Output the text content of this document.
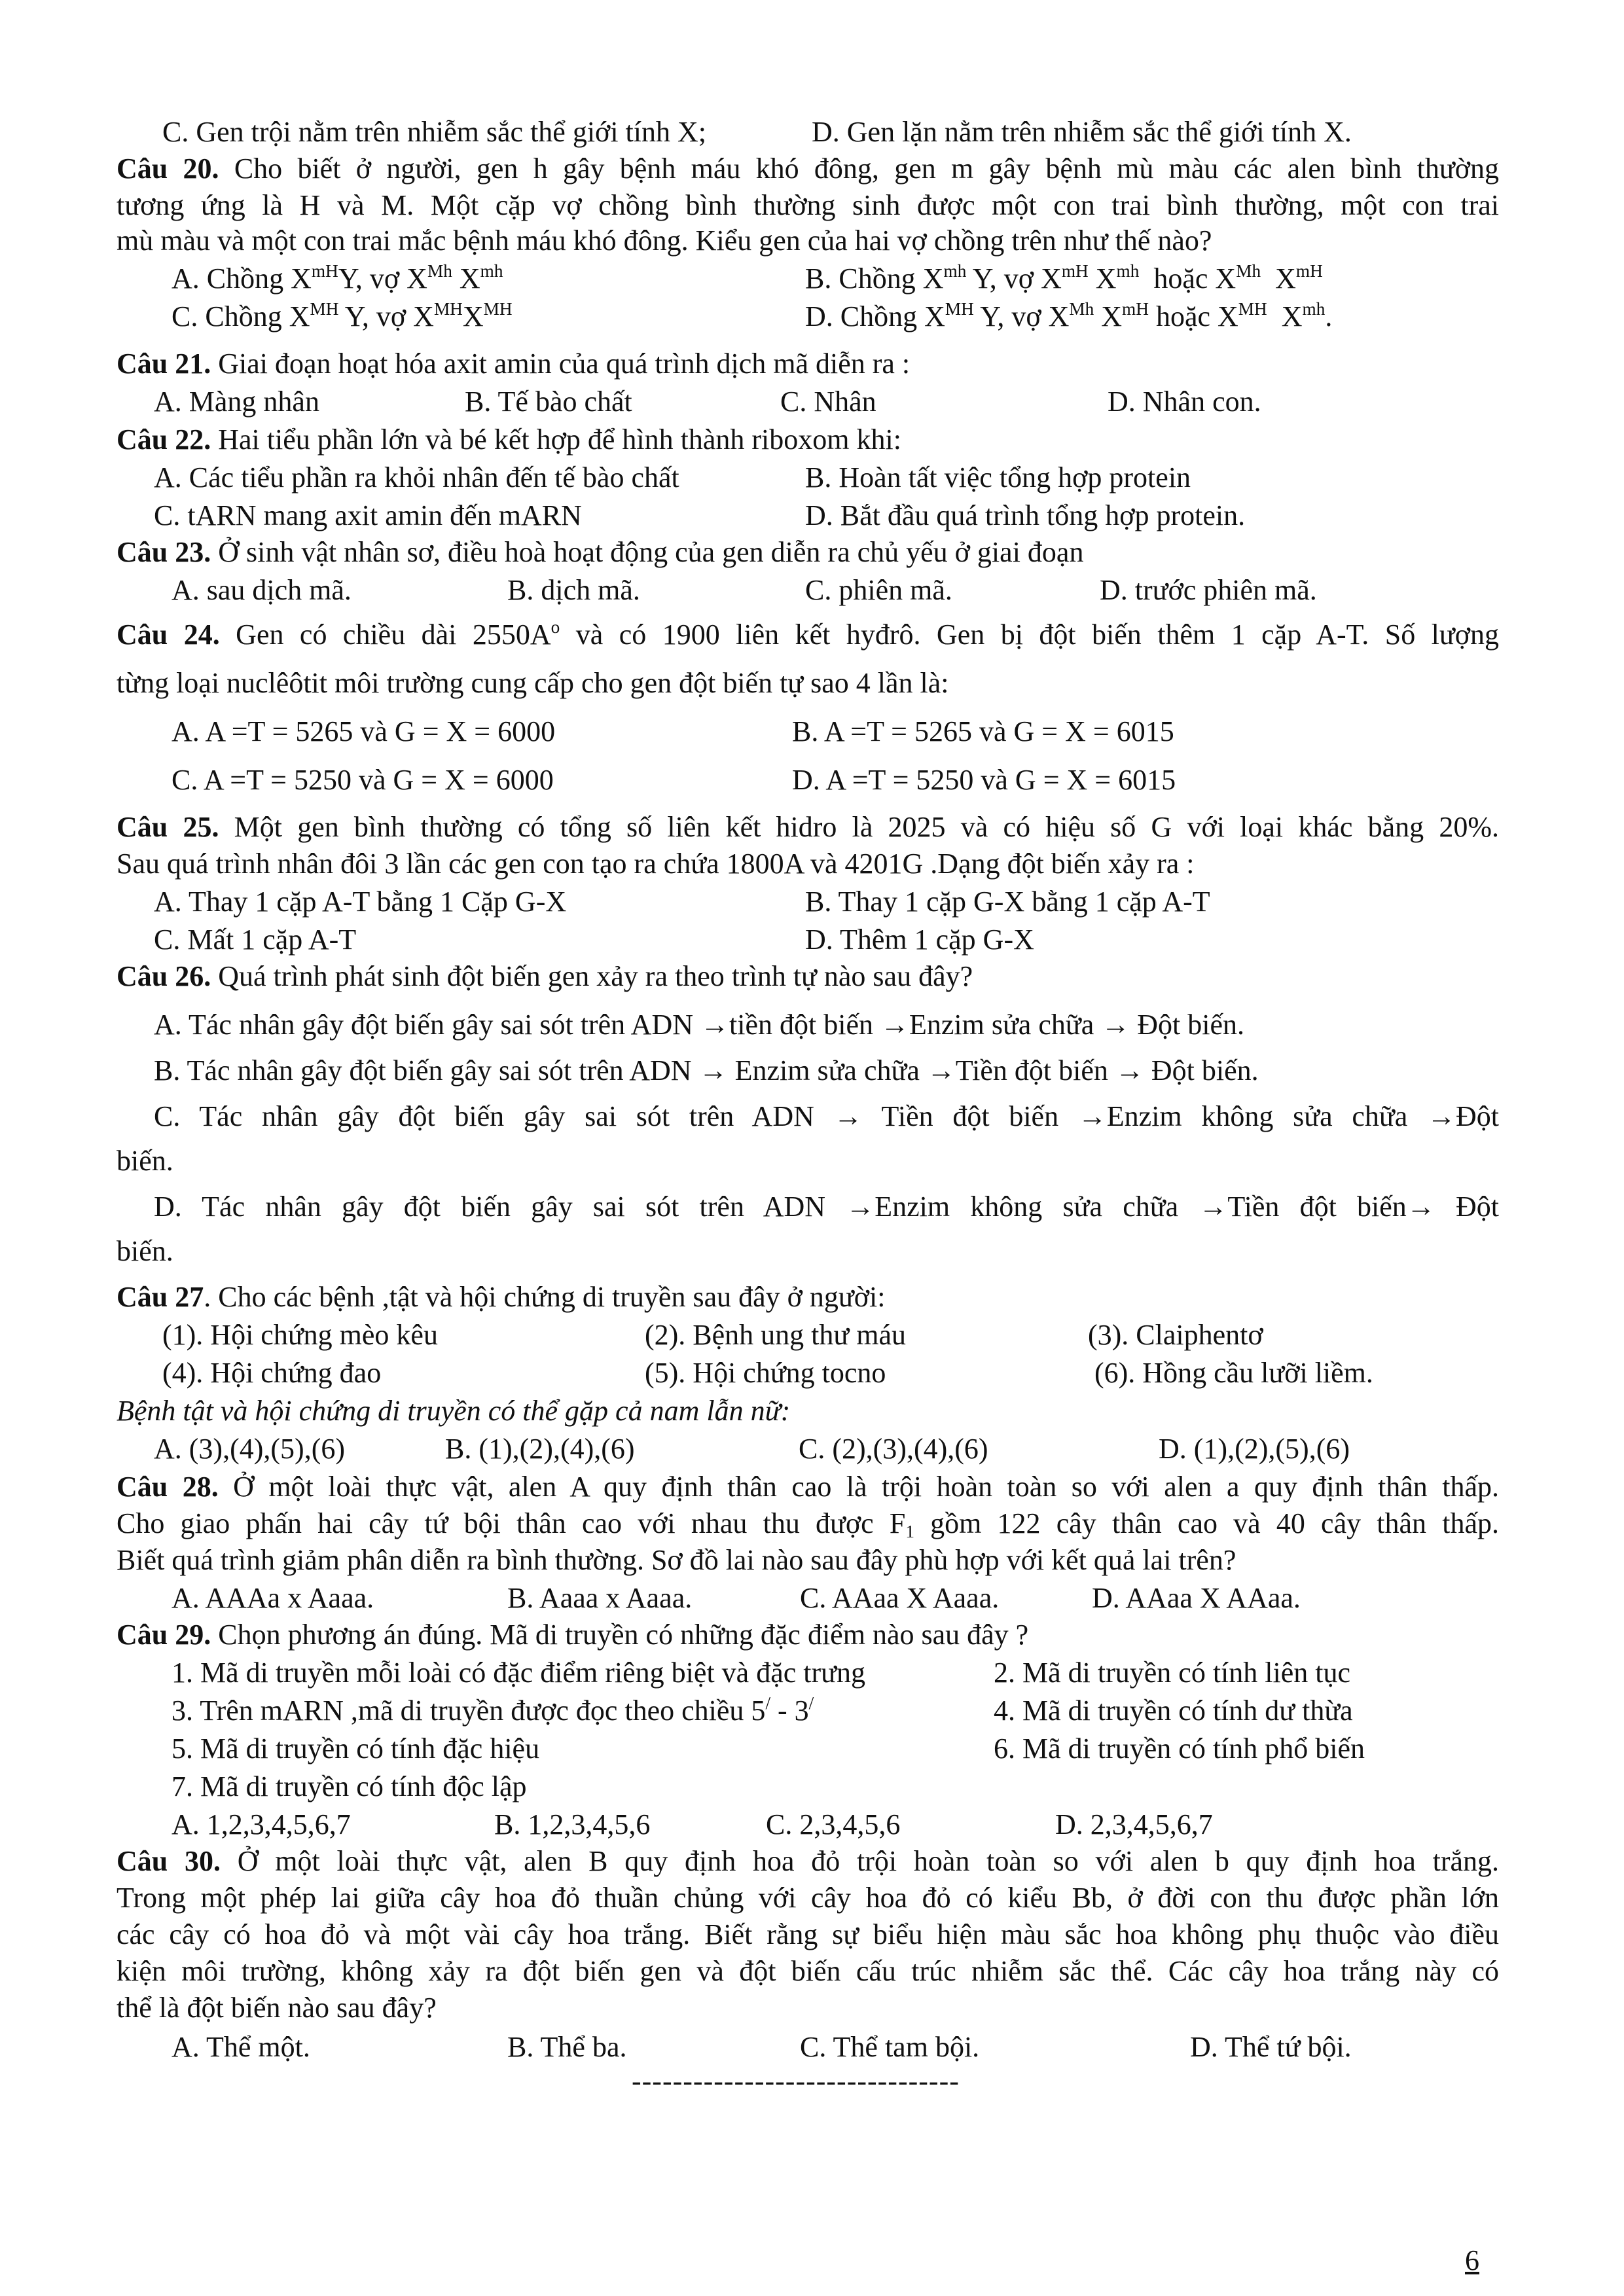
C. Gen trội nằm trên nhiễm sắc thể giới tính X;	D. Gen lặn nằm trên nhiễm sắc thể giới tính X.
Câu 20. Cho biết ở người, gen h gây bệnh máu khó đông, gen m gây bệnh mù màu các alen bình thường
tương ứng là H và M. Một cặp vợ chồng bình thường sinh được một con trai bình thường, một con trai
mù màu và một con trai mắc bệnh máu khó đông. Kiểu gen của hai vợ chồng trên như thế nào?
A. Chồng $X^{mH}Y$, vợ $X^{Mh}$ $X^{mh}$	B. Chồng $X^{mh}$ Y, vợ $X^{mH}$ $X^{mh}$  hoặc $X^{Mh}$  $X^{mH}$
C. Chồng $X^{MH}$ Y, vợ $X^{MH}X^{MH}$	D. Chồng $X^{MH}$ Y, vợ $X^{Mh}$ $X^{mH}$ hoặc $X^{MH}$  $X^{mh}$.
Câu 21. Giai đoạn hoạt hóa axit amin của quá trình dịch mã diễn ra :
A. Màng nhân	B. Tế bào chất	C. Nhân	D. Nhân con.
Câu 22. Hai tiểu phần lớn và bé kết hợp để hình thành riboxom khi:
A. Các tiểu phần ra khỏi nhân đến tế bào chất	B. Hoàn tất việc tổng hợp protein
C. tARN mang axit amin đến mARN	D. Bắt đầu quá trình tổng hợp protein.
Câu 23. Ở sinh vật nhân sơ, điều hoà hoạt động của gen diễn ra chủ yếu ở giai đoạn
A. sau dịch mã.	B. dịch mã.	C. phiên mã.	D. trước phiên mã.
Câu 24. Gen có chiều dài $2550A^o$ và có 1900 liên kết hyđrô. Gen bị đột biến thêm 1 cặp A-T. Số lượng
từng loại nuclêôtit môi trường cung cấp cho gen đột biến tự sao 4 lần là:
A. A =T = 5265 và G = X = 6000	B. A =T = 5265 và G = X = 6015
C. A =T = 5250 và G = X = 6000	D. A =T = 5250 và G = X = 6015
Câu 25. Một gen bình thường có tổng số liên kết hidro là 2025 và có hiệu số G với loại khác bằng 20%.
Sau quá trình nhân đôi 3 lần các gen con tạo ra chứa 1800A và 4201G .Dạng đột biến xảy ra :
A. Thay 1 cặp A-T bằng 1 Cặp G-X	B. Thay 1 cặp G-X bằng 1 cặp A-T
C. Mất 1 cặp A-T	D. Thêm 1 cặp G-X
Câu 26. Quá trình phát sinh đột biến gen xảy ra theo trình tự nào sau đây?
A. Tác nhân gây đột biến gây sai sót trên ADN →tiền đột biến →Enzim sửa chữa → Đột biến.
B. Tác nhân gây đột biến gây sai sót trên ADN → Enzim sửa chữa →Tiền đột biến → Đột biến.
C. Tác nhân gây đột biến gây sai sót trên ADN → Tiền đột biến →Enzim không sửa chữa →Đột
biến.
D. Tác nhân gây đột biến gây sai sót trên ADN →Enzim không sửa chữa →Tiền đột biến→ Đột
biến.
Câu 27. Cho các bệnh ,tật và hội chứng di truyền sau đây ở người:
(1). Hội chứng mèo kêu	(2). Bệnh ung thư máu	(3). Claiphentơ
(4). Hội chứng đao	(5). Hội chứng tocno	(6). Hồng cầu lưỡi liềm.
Bệnh tật và hội chứng di truyền có thể gặp cả nam lẫn nữ:
A. (3),(4),(5),(6)	B. (1),(2),(4),(6)	C. (2),(3),(4),(6)	D. (1),(2),(5),(6)
Câu 28. Ở một loài thực vật, alen A quy định thân cao là trội hoàn toàn so với alen a quy định thân thấp.
Cho giao phấn hai cây tứ bội thân cao với nhau thu được $F_1$ gồm 122 cây thân cao và 40 cây thân thấp.
Biết quá trình giảm phân diễn ra bình thường. Sơ đồ lai nào sau đây phù hợp với kết quả lai trên?
A. AAAa x Aaaa.	B. Aaaa x Aaaa.	C. AAaa X Aaaa.	D. AAaa X AAaa.
Câu 29. Chọn phương án đúng. Mã di truyền có những đặc điểm nào sau đây ?
1. Mã di truyền mỗi loài có đặc điểm riêng biệt và đặc trưng	2. Mã di truyền có tính liên tục
3. Trên mARN ,mã di truyền được đọc theo chiều 5/ - 3/	4. Mã di truyền có tính dư thừa
5. Mã di truyền có tính đặc hiệu	6. Mã di truyền có tính phổ biến
7. Mã di truyền có tính độc lập
A. 1,2,3,4,5,6,7	B. 1,2,3,4,5,6	C. 2,3,4,5,6	D. 2,3,4,5,6,7
Câu 30. Ở một loài thực vật, alen B quy định hoa đỏ trội hoàn toàn so với alen b quy định hoa trắng.
Trong một phép lai giữa cây hoa đỏ thuần chủng với cây hoa đỏ có kiểu Bb, ở đời con thu được phần lớn
các cây có hoa đỏ và một vài cây hoa trắng. Biết rằng sự biểu hiện màu sắc hoa không phụ thuộc vào điều
kiện môi trường, không xảy ra đột biến gen và đột biến cấu trúc nhiễm sắc thể. Các cây hoa trắng này có
thể là đột biến nào sau đây?
A. Thể một.	B. Thể ba.	C. Thể tam bội.	D. Thể tứ bội.
--------------------------------
6
